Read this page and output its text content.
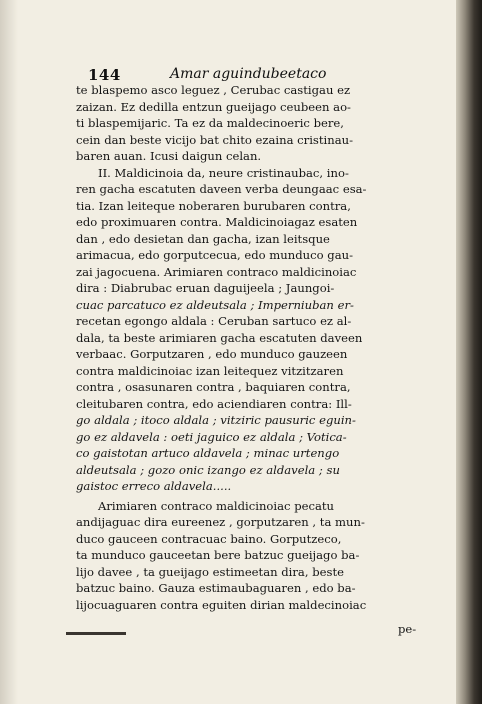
144	Amar aguindubeetaco
te blaspemo asco leguez , Cerubac castigau ez
zaizan. Ez dedilla entzun gueijago ceubeen ao-
ti blaspemijaric. Ta ez da maldecinoeric bere,
cein dan beste vicijo bat chito ezaina cristinau-
baren auan. Icusi daigun celan.
II. Maldicinoia da, neure cristinaubac, ino-
ren gacha escatuten daveen verba deungaac esa-
tia. Izan leiteque noberaren burubaren contra,
edo proximuaren contra. Maldicinoiagaz esaten
dan , edo desietan dan gacha, izan leitsque
arimacua, edo gorputcecua, edo munduco gau-
zai jagocuena. Arimiaren contraco maldicinoiac
dira : Diabrubac eruan daguijeela ; Jaungoi-
cuac parcatuco ez aldeutsala ; Imperniuban er-
recetan egongo aldala : Ceruban sartuco ez al-
dala, ta beste arimiaren gacha escatuten daveen
verbaac. Gorputzaren , edo munduco gauzeen
contra maldicinoiac izan leitequez vitzitzaren
contra , osasunaren contra , baquiaren contra,
cleitubaren contra, edo aciendiaren contra: Ill-
go aldala ; itoco aldala ; vitziric pausuric eguin-
go ez aldavela : oeti jaguico ez aldala ; Votica-
co gaistotan artuco aldavela ; minac urtengo
aldeutsala ; gozo onic izango ez aldavela ; su
gaistoc erreco aldavela.....
Arimiaren contraco maldicinoiac pecatu
andijaguac dira eureenez , gorputzaren , ta mun-
duco gauceen contracuac baino. Gorputzeco,
ta munduco gauceetan bere batzuc gueijago ba-
lijo davee , ta gueijago estimeetan dira, beste
batzuc baino. Gauza estimaubaguaren , edo ba-
lijocuaguaren contra eguiten dirian maldecinoiac
pe-
